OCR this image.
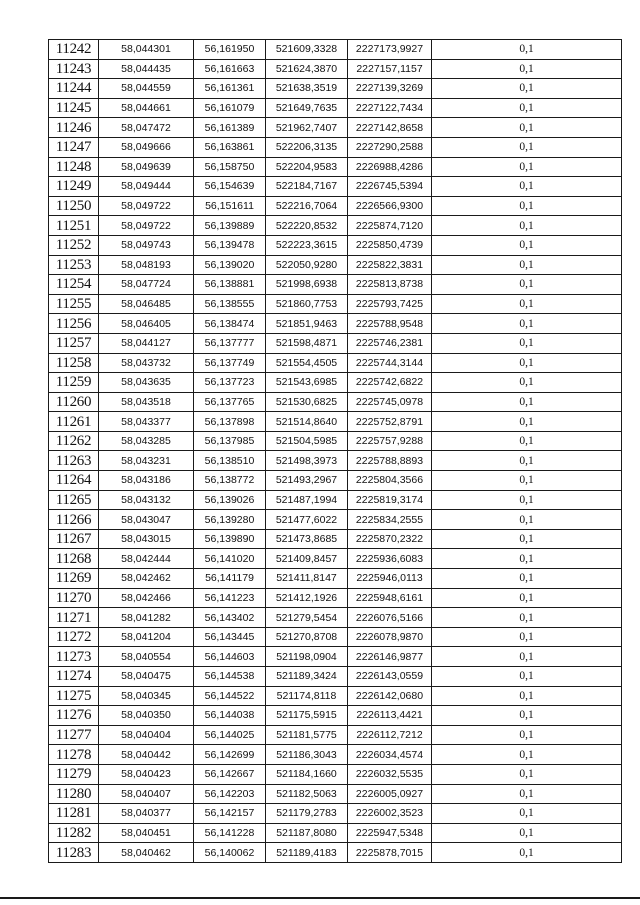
11242	58,044301	56,161950	521609,3328	2227173,9927	0,1
11243	58,044435	56,161663	521624,3870	2227157,1157	0,1
11244	58,044559	56,161361	521638,3519	2227139,3269	0,1
11245	58,044661	56,161079	521649,7635	2227122,7434	0,1
11246	58,047472	56,161389	521962,7407	2227142,8658	0,1
11247	58,049666	56,163861	522206,3135	2227290,2588	0,1
11248	58,049639	56,158750	522204,9583	2226988,4286	0,1
11249	58,049444	56,154639	522184,7167	2226745,5394	0,1
11250	58,049722	56,151611	522216,7064	2226566,9300	0,1
11251	58,049722	56,139889	522220,8532	2225874,7120	0,1
11252	58,049743	56,139478	522223,3615	2225850,4739	0,1
11253	58,048193	56,139020	522050,9280	2225822,3831	0,1
11254	58,047724	56,138881	521998,6938	2225813,8738	0,1
11255	58,046485	56,138555	521860,7753	2225793,7425	0,1
11256	58,046405	56,138474	521851,9463	2225788,9548	0,1
11257	58,044127	56,137777	521598,4871	2225746,2381	0,1
11258	58,043732	56,137749	521554,4505	2225744,3144	0,1
11259	58,043635	56,137723	521543,6985	2225742,6822	0,1
11260	58,043518	56,137765	521530,6825	2225745,0978	0,1
11261	58,043377	56,137898	521514,8640	2225752,8791	0,1
11262	58,043285	56,137985	521504,5985	2225757,9288	0,1
11263	58,043231	56,138510	521498,3973	2225788,8893	0,1
11264	58,043186	56,138772	521493,2967	2225804,3566	0,1
11265	58,043132	56,139026	521487,1994	2225819,3174	0,1
11266	58,043047	56,139280	521477,6022	2225834,2555	0,1
11267	58,043015	56,139890	521473,8685	2225870,2322	0,1
11268	58,042444	56,141020	521409,8457	2225936,6083	0,1
11269	58,042462	56,141179	521411,8147	2225946,0113	0,1
11270	58,042466	56,141223	521412,1926	2225948,6161	0,1
11271	58,041282	56,143402	521279,5454	2226076,5166	0,1
11272	58,041204	56,143445	521270,8708	2226078,9870	0,1
11273	58,040554	56,144603	521198,0904	2226146,9877	0,1
11274	58,040475	56,144538	521189,3424	2226143,0559	0,1
11275	58,040345	56,144522	521174,8118	2226142,0680	0,1
11276	58,040350	56,144038	521175,5915	2226113,4421	0,1
11277	58,040404	56,144025	521181,5775	2226112,7212	0,1
11278	58,040442	56,142699	521186,3043	2226034,4574	0,1
11279	58,040423	56,142667	521184,1660	2226032,5535	0,1
11280	58,040407	56,142203	521182,5063	2226005,0927	0,1
11281	58,040377	56,142157	521179,2783	2226002,3523	0,1
11282	58,040451	56,141228	521187,8080	2225947,5348	0,1
11283	58,040462	56,140062	521189,4183	2225878,7015	0,1
